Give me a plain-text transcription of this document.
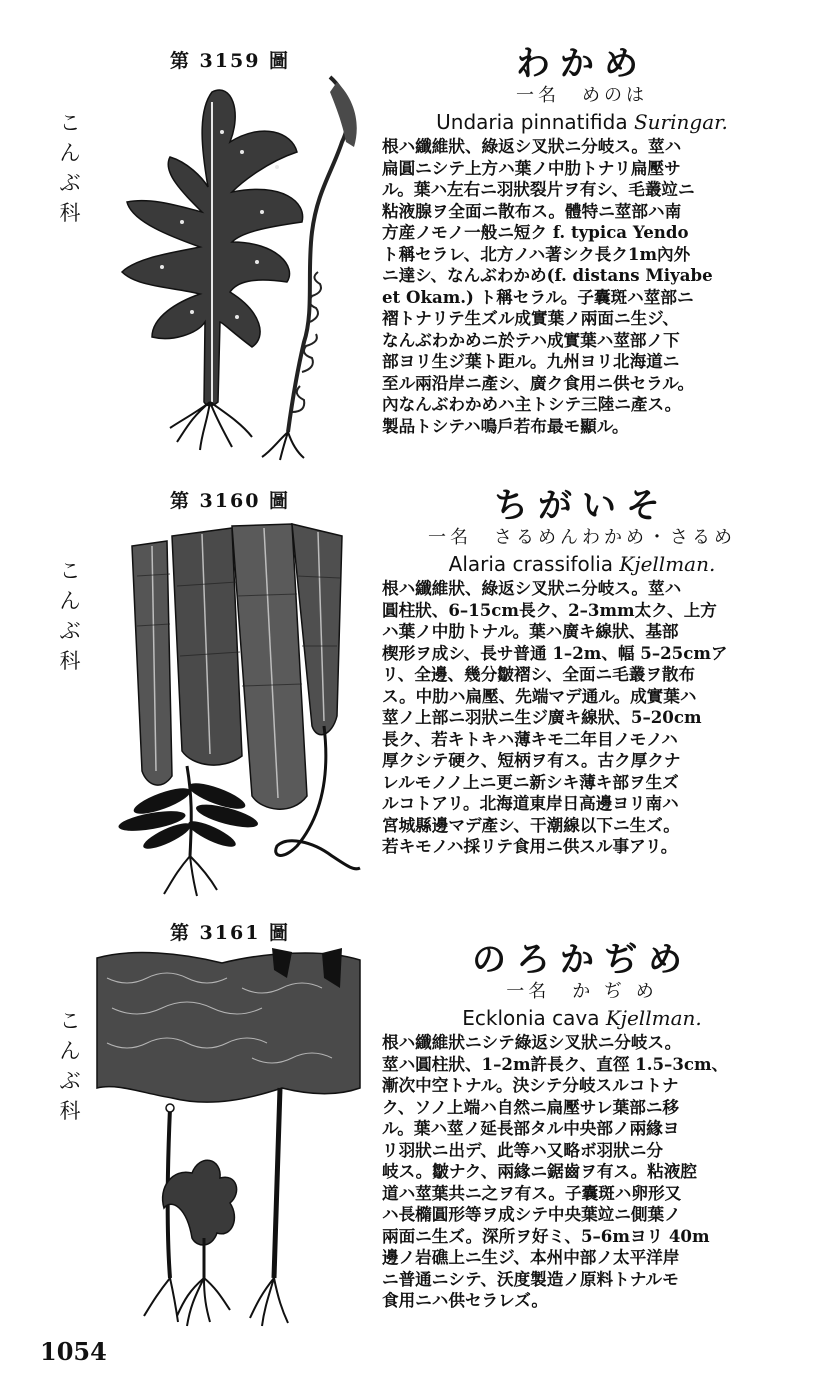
第 3159 圖
こ
ん
ぶ
科
わかめ
一名　めのは
Undaria pinnatifida Suringar.
根ハ纖維狀、綠返シ叉狀ニ分岐ス。莖ハ
扁圓ニシテ上方ハ葉ノ中肋トナリ扁壓サ
ル。葉ハ左右ニ羽狀裂片ヲ有シ、毛叢竝ニ
粘液腺ヲ全面ニ散布ス。體特ニ莖部ハ南
方産ノモノ一般ニ短ク f. typica Yendo
ト稱セラレ、北方ノハ著シク長ク1m內外
ニ達シ、なんぶわかめ(f. distans Miyabe
et Okam.) ト稱セラル。子囊斑ハ莖部ニ
褶トナリテ生ズル成實葉ノ兩面ニ生ジ、
なんぶわかめニ於テハ成實葉ハ莖部ノ下
部ヨリ生ジ葉ト距ル。九州ヨリ北海道ニ
至ル兩沿岸ニ產シ、廣ク食用ニ供セラル。
內なんぶわかめハ主トシテ三陸ニ產ス。
製品トシテハ鳴戶若布最モ顯ル。
第 3160 圖
こ
ん
ぶ
科
ちがいそ
一名　さるめんわかめ・さるめ
Alaria crassifolia Kjellman.
根ハ纖維狀、綠返シ叉狀ニ分岐ス。莖ハ
圓柱狀、6–15cm長ク、2–3mm太ク、上方
ハ葉ノ中肋トナル。葉ハ廣キ線狀、基部
楔形ヲ成シ、長サ普通 1–2m、幅 5–25cmア
リ、全邊、幾分皺褶シ、全面ニ毛叢ヲ散布
ス。中肋ハ扁壓、先端マデ通ル。成實葉ハ
莖ノ上部ニ羽狀ニ生ジ廣キ線狀、5–20cm
長ク、若キトキハ薄キモ二年目ノモノハ
厚クシテ硬ク、短柄ヲ有ス。古ク厚クナ
レルモノノ上ニ更ニ新シキ薄キ部ヲ生ズ
ルコトアリ。北海道東岸日高邊ヨリ南ハ
宮城縣邊マデ產シ、干潮線以下ニ生ズ。
若キモノハ採リテ食用ニ供スル事アリ。
第 3161 圖
こ
ん
ぶ
科
のろかぢめ
一名　か ぢ め
Ecklonia cava Kjellman.
根ハ纖維狀ニシテ綠返シ叉狀ニ分岐ス。
莖ハ圓柱狀、1–2m許長ク、直徑 1.5–3cm、
漸次中空トナル。決シテ分岐スルコトナ
ク、ソノ上端ハ自然ニ扁壓サレ葉部ニ移
ル。葉ハ莖ノ延長部タル中央部ノ兩緣ヨ
リ羽狀ニ出デ、此等ハ又略ボ羽狀ニ分
岐ス。皺ナク、兩緣ニ鋸齒ヲ有ス。粘液腔
道ハ莖葉共ニ之ヲ有ス。子囊斑ハ卵形又
ハ長橢圓形等ヲ成シテ中央葉竝ニ側葉ノ
兩面ニ生ズ。深所ヲ好ミ、5–6mヨリ 40m
邊ノ岩礁上ニ生ジ、本州中部ノ太平洋岸
ニ普通ニシテ、沃度製造ノ原料トナルモ
食用ニハ供セラレズ。
1054
